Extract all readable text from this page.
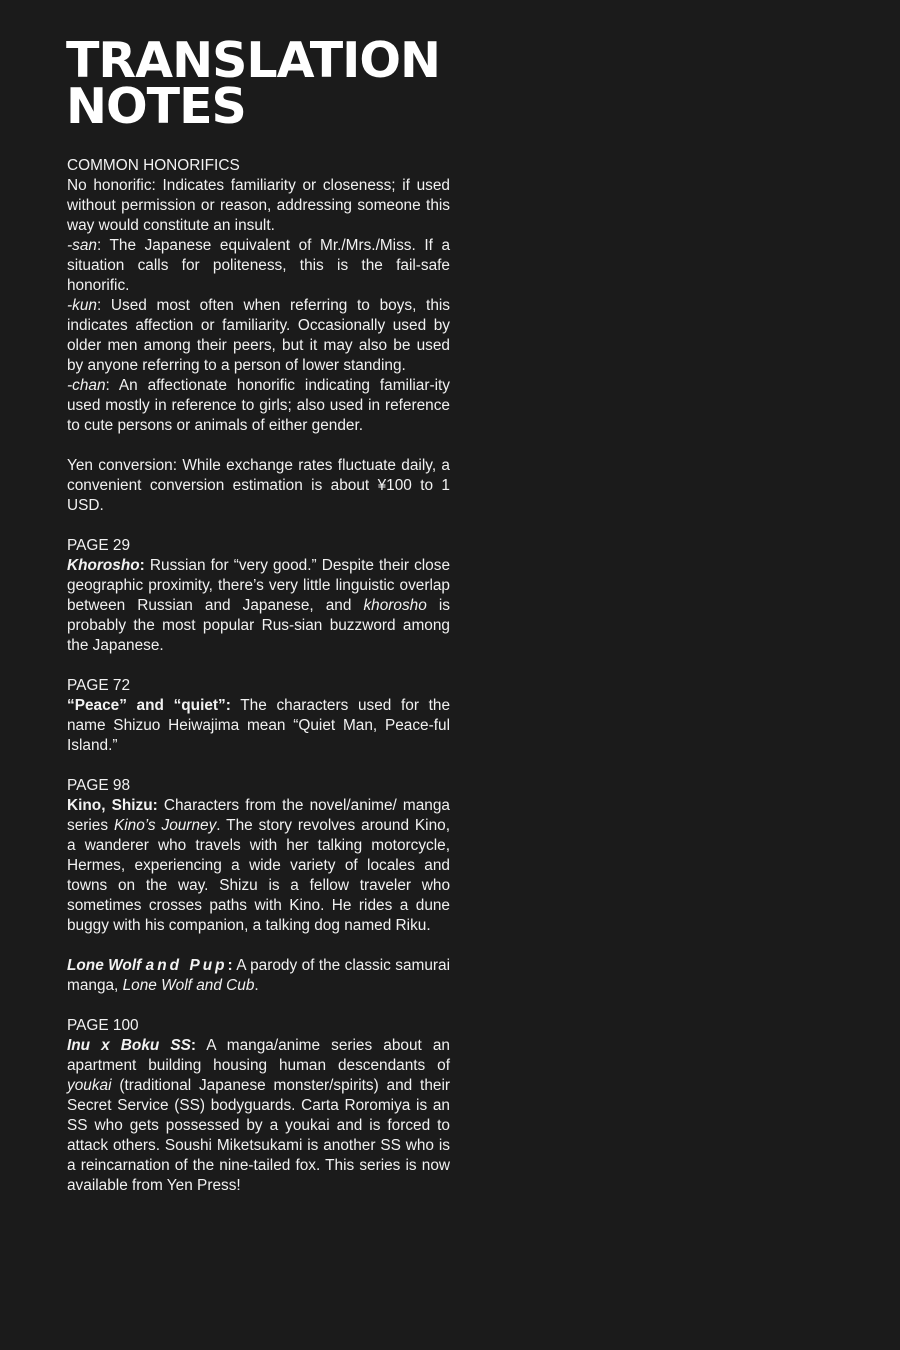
TRANSLATION
NOTES

COMMON HONORIFICS

No honorific: Indicates familiarity or closeness; if used without permission or reason, addressing someone this way would constitute an insult.

-san: The Japanese equivalent of Mr./Mrs./Miss. If a situation calls for politeness, this is the fail-safe honorific.

-kun: Used most often when referring to boys, this indicates affection or familiarity. Occasionally used by older men among their peers, but it may also be used by anyone referring to a person of lower standing.

-chan: An affectionate honorific indicating familiar-ity used mostly in reference to girls; also used in reference to cute persons or animals of either gender.

Yen conversion: While exchange rates fluctuate daily, a convenient conversion estimation is about ¥100 to 1 USD.

PAGE 29

Khorosho: Russian for “very good.” Despite their close geographic proximity, there’s very little linguistic overlap between Russian and Japanese, and khorosho is probably the most popular Rus-sian buzzword among the Japanese.

PAGE 72

“Peace” and “quiet”: The characters used for the name Shizuo Heiwajima mean “Quiet Man, Peace-ful Island.”

PAGE 98

Kino, Shizu: Characters from the novel/anime/ manga series Kino’s Journey. The story revolves around Kino, a wanderer who travels with her talking motorcycle, Hermes, experiencing a wide variety of locales and towns on the way. Shizu is a fellow traveler who sometimes crosses paths with Kino. He rides a dune buggy with his companion, a talking dog named Riku.

Lone Wolf and Pup: A parody of the classic samurai manga, Lone Wolf and Cub.

PAGE 100

Inu x Boku SS: A manga/anime series about an apartment building housing human descendants of youkai (traditional Japanese monster/spirits) and their Secret Service (SS) bodyguards. Carta Roromiya is an SS who gets possessed by a youkai and is forced to attack others. Soushi Miketsukami is another SS who is a reincarnation of the nine-tailed fox. This series is now available from Yen Press!
